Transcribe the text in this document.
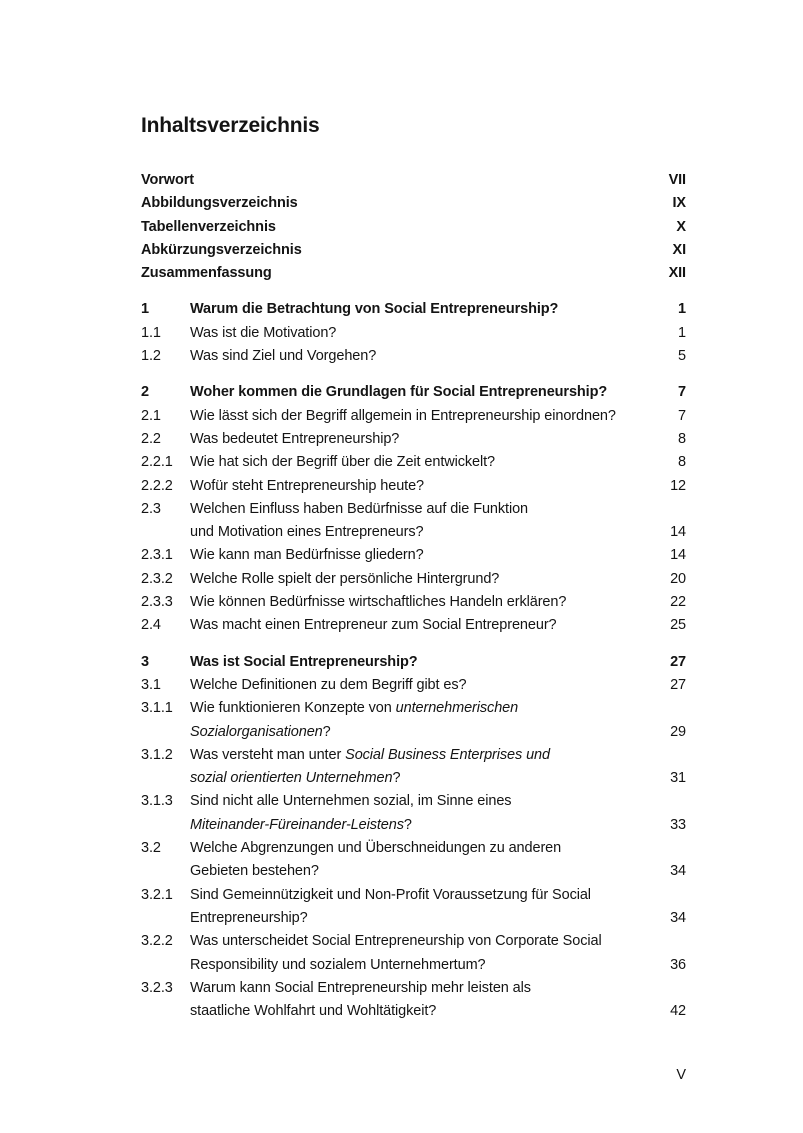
Inhaltsverzeichnis
Vorwort	VII
Abbildungsverzeichnis	IX
Tabellenverzeichnis	X
Abkürzungsverzeichnis	XI
Zusammenfassung	XII
1	Warum die Betrachtung von Social Entrepreneurship?	1
1.1	Was ist die Motivation?	1
1.2	Was sind Ziel und Vorgehen?	5
2	Woher kommen die Grundlagen für Social Entrepreneurship?	7
2.1	Wie lässt sich der Begriff allgemein in Entrepreneurship einordnen?	7
2.2	Was bedeutet Entrepreneurship?	8
2.2.1	Wie hat sich der Begriff über die Zeit entwickelt?	8
2.2.2	Wofür steht Entrepreneurship heute?	12
2.3	Welchen Einfluss haben Bedürfnisse auf die Funktion
und Motivation eines Entrepreneurs?	14
2.3.1	Wie kann man Bedürfnisse gliedern?	14
2.3.2	Welche Rolle spielt der persönliche Hintergrund?	20
2.3.3	Wie können Bedürfnisse wirtschaftliches Handeln erklären?	22
2.4	Was macht einen Entrepreneur zum Social Entrepreneur?	25
3	Was ist Social Entrepreneurship?	27
3.1	Welche Definitionen zu dem Begriff gibt es?	27
3.1.1	Wie funktionieren Konzepte von unternehmerischen
Sozialorganisationen?	29
3.1.2	Was versteht man unter Social Business Enterprises und
sozial orientierten Unternehmen?	31
3.1.3	Sind nicht alle Unternehmen sozial, im Sinne eines
Miteinander-Füreinander-Leistens?	33
3.2	Welche Abgrenzungen und Überschneidungen zu anderen
Gebieten bestehen?	34
3.2.1	Sind Gemeinnützigkeit und Non-Profit Voraussetzung für Social
Entrepreneurship?	34
3.2.2	Was unterscheidet Social Entrepreneurship von Corporate Social
Responsibility und sozialem Unternehmertum?	36
3.2.3	Warum kann Social Entrepreneurship mehr leisten als
staatliche Wohlfahrt und Wohltätigkeit?	42
V
